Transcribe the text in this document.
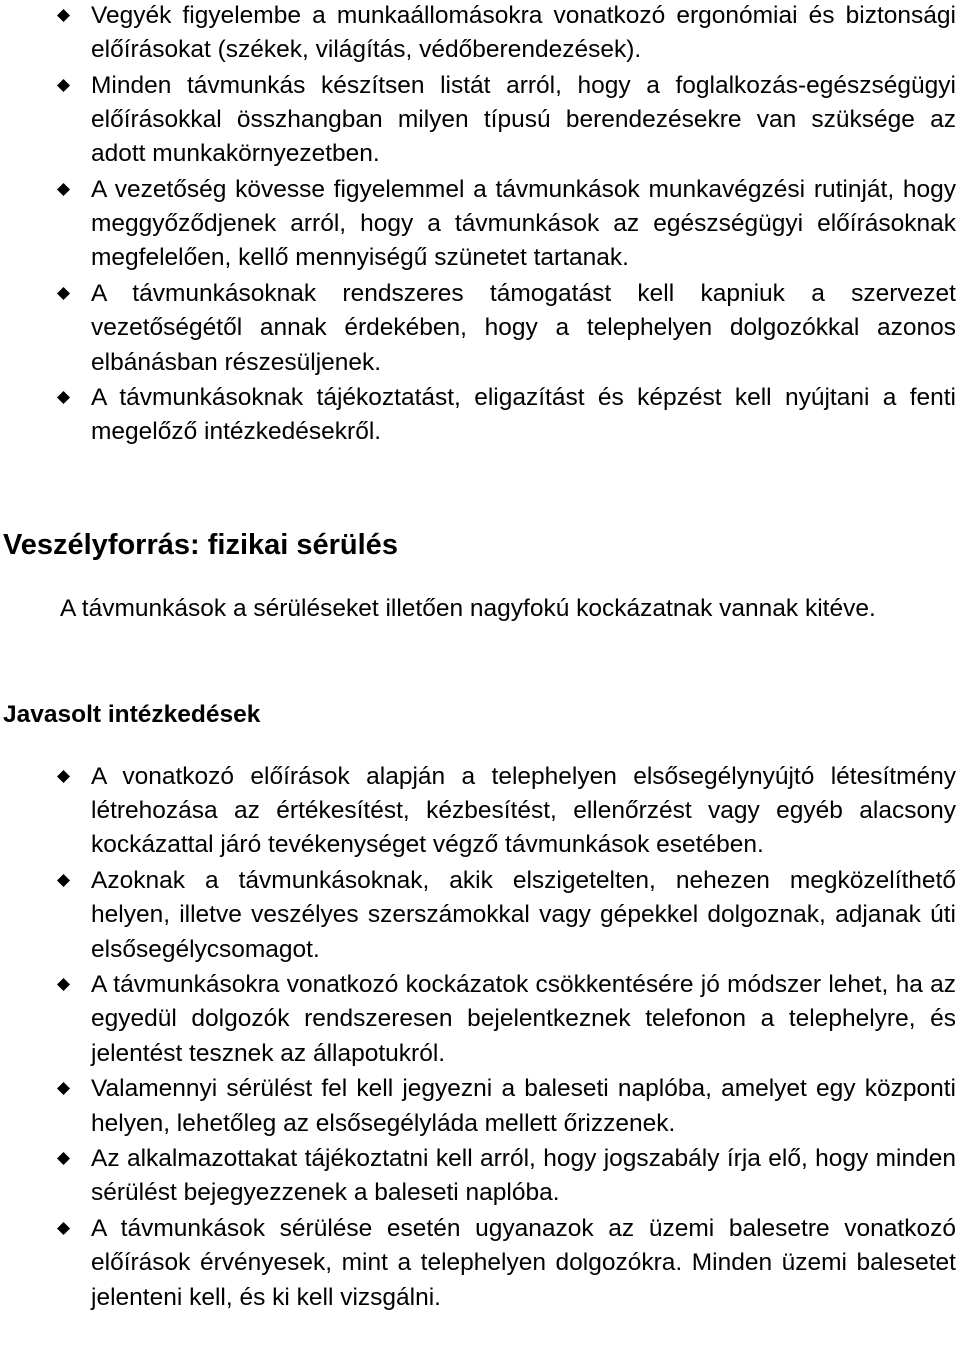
Vegyék figyelembe a munkaállomásokra vonatkozó ergonómiai és biztonsági előírásokat (székek, világítás, védőberendezések).
Minden távmunkás készítsen listát arról, hogy a foglalkozás-egészségügyi előírásokkal összhangban milyen típusú berendezésekre van szüksége az adott munkakörnyezetben.
A vezetőség kövesse figyelemmel a távmunkások munkavégzési rutinját, hogy meggyőződjenek arról, hogy a távmunkások az egészségügyi előírásoknak megfelelően, kellő mennyiségű szünetet tartanak.
A távmunkásoknak rendszeres támogatást kell kapniuk a szervezet vezetőségétől annak érdekében, hogy a telephelyen dolgozókkal azonos elbánásban részesüljenek.
A távmunkásoknak tájékoztatást, eligazítást és képzést kell nyújtani a fenti megelőző intézkedésekről.
Veszélyforrás: fizikai sérülés

A távmunkások a sérüléseket illetően nagyfokú kockázatnak vannak kitéve.

Javasolt intézkedések
A vonatkozó előírások alapján a telephelyen elsősegélynyújtó létesítmény létrehozása az értékesítést, kézbesítést, ellenőrzést vagy egyéb alacsony kockázattal járó tevékenységet végző távmunkások esetében.
Azoknak a távmunkásoknak, akik elszigetelten, nehezen megközelíthető helyen, illetve veszélyes szerszámokkal vagy gépekkel dolgoznak, adjanak úti elsősegélycsomagot.
A távmunkásokra vonatkozó kockázatok csökkentésére jó módszer lehet, ha az egyedül dolgozók rendszeresen bejelentkeznek telefonon a telephelyre, és jelentést tesznek az állapotukról.
Valamennyi sérülést fel kell jegyezni a baleseti naplóba, amelyet egy központi helyen, lehetőleg az elsősegélyláda mellett őrizzenek.
Az alkalmazottakat tájékoztatni kell arról, hogy jogszabály írja elő, hogy minden sérülést bejegyezzenek a baleseti naplóba.
A távmunkások sérülése esetén ugyanazok az üzemi balesetre vonatkozó előírások érvényesek, mint a telephelyen dolgozókra. Minden üzemi balesetet jelenteni kell, és ki kell vizsgálni.
